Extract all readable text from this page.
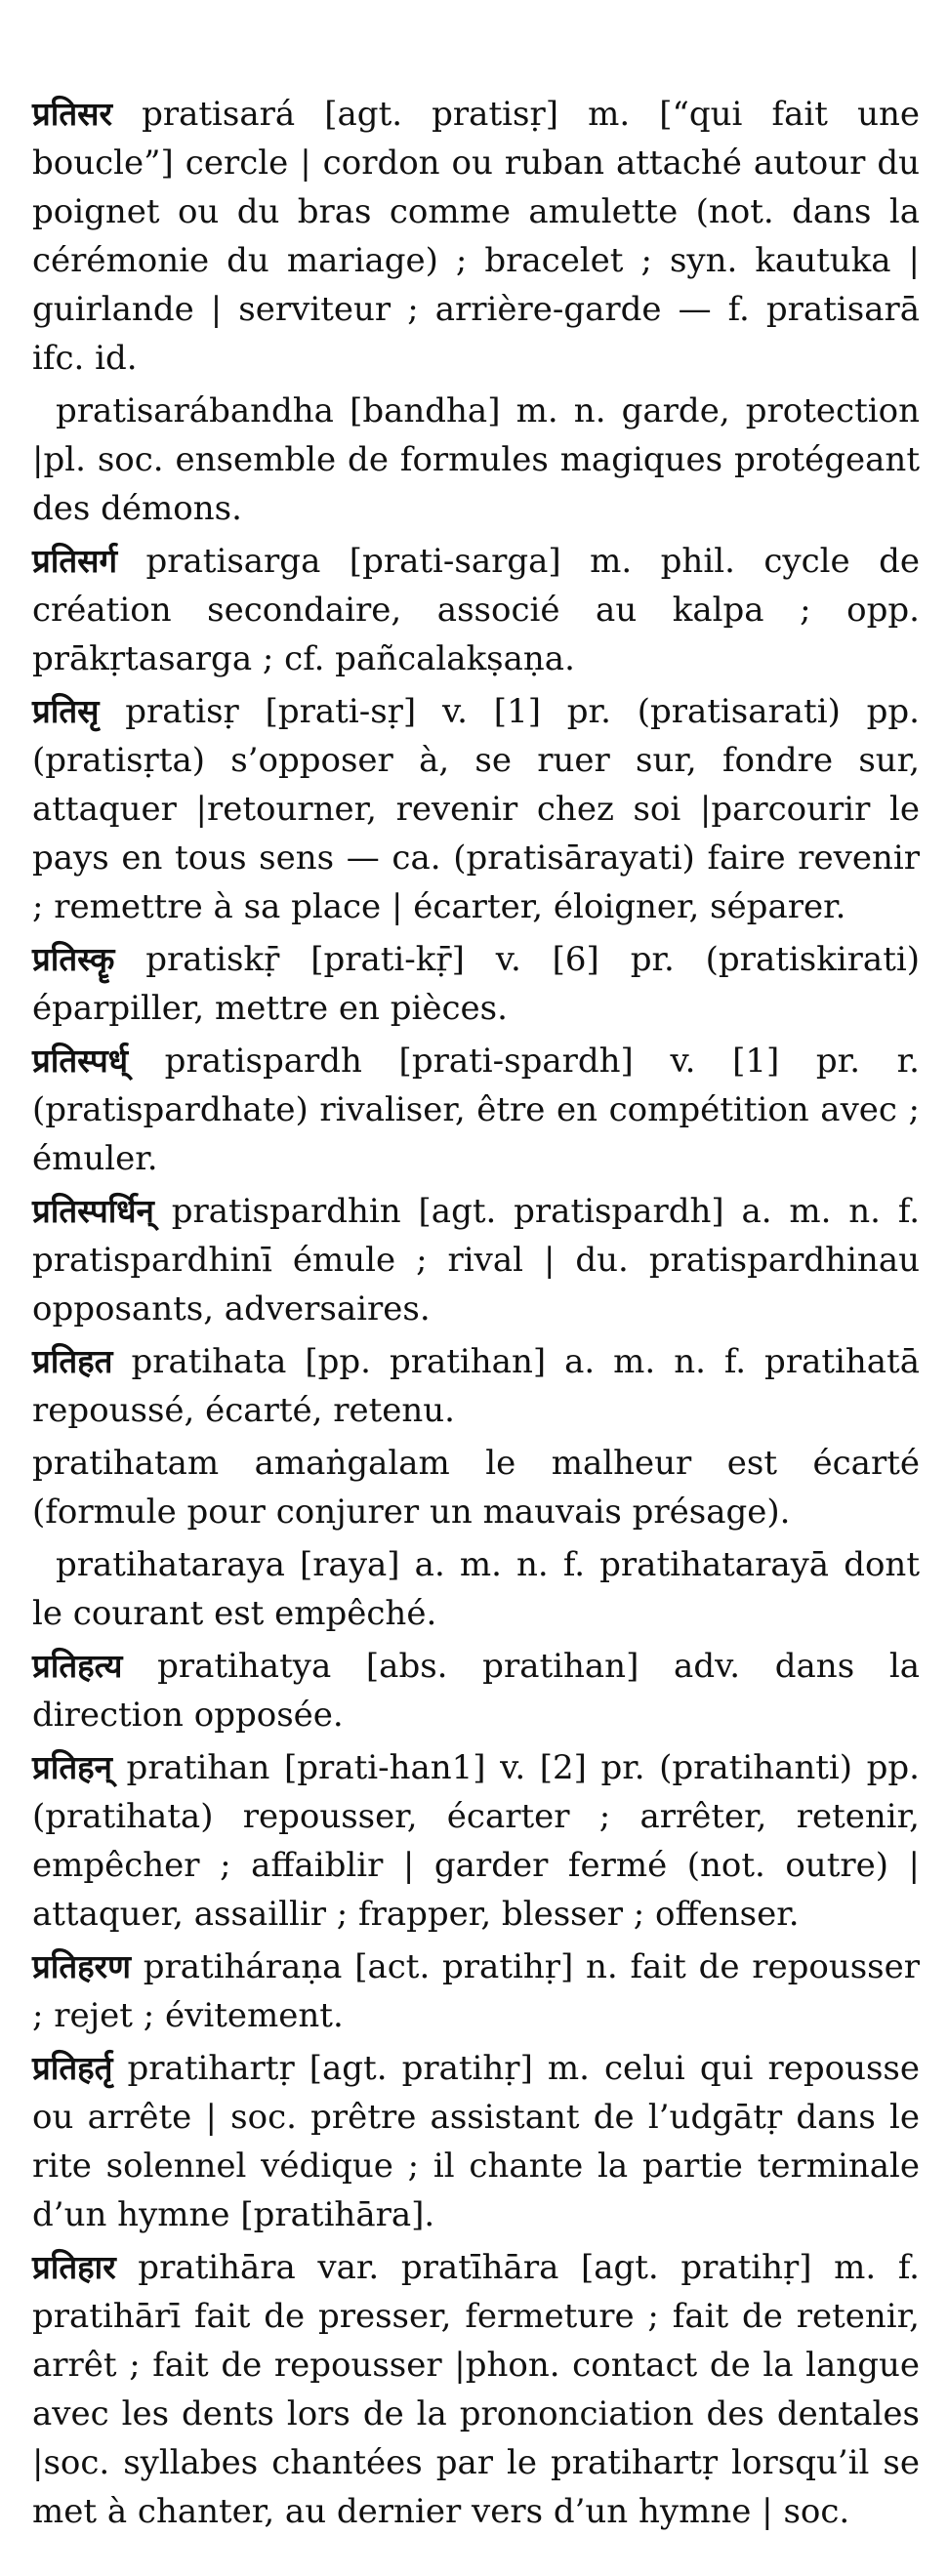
प्रतिसर pratisará [agt. pratisṛ] m. [“qui fait une boucle”] cercle | cordon ou ruban attaché autour du poignet ou du bras comme amulette (not. dans la cérémonie du mariage) ; bracelet ; syn. kautuka | guirlande | serviteur ; arrière-garde — f. pratisarā ifc. id.

pratisarábandha [bandha] m. n. garde, protection |pl. soc. ensemble de formules magiques protégeant des démons.

प्रतिसर्ग pratisarga [prati-sarga] m. phil. cycle de création secondaire, associé au kalpa ; opp. prākṛtasarga ; cf. pañcalakṣaṇa.

प्रतिसृ pratisṛ [prati-sṛ] v. [1] pr. (pratisarati) pp. (pratisṛta) s’opposer à, se ruer sur, fondre sur, attaquer |retourner, revenir chez soi |parcourir le pays en tous sens — ca. (pratisārayati) faire revenir ; remettre à sa place | écarter, éloigner, séparer.

प्रतिस्कॄ pratiskṝ [prati-kṝ] v. [6] pr. (pratiskirati) éparpiller, mettre en pièces.

प्रतिस्पर्ध् pratispardh [prati-spardh] v. [1] pr. r. (pratispardhate) rivaliser, être en compétition avec ; émuler.

प्रतिस्पर्धिन् pratispardhin [agt. pratispardh] a. m. n. f. pratispardhinī émule ; rival | du. pratispardhinau opposants, adversaires.

प्रतिहत pratihata [pp. pratihan] a. m. n. f. pratihatā repoussé, écarté, retenu.

pratihatam amaṅgalam le malheur est écarté (formule pour conjurer un mauvais présage).

pratihataraya [raya] a. m. n. f. pratihatarayā dont le courant est empêché.

प्रतिहत्य pratihatya [abs. pratihan] adv. dans la direction opposée.

प्रतिहन् pratihan [prati-han1] v. [2] pr. (pratihanti) pp. (pratihata) repousser, écarter ; arrêter, retenir, empêcher ; affaiblir | garder fermé (not. outre) | attaquer, assaillir ; frapper, blesser ; offenser.

प्रतिहरण pratiháraṇa [act. pratihṛ] n. fait de repousser ; rejet ; évitement.

प्रतिहर्तृ pratihartṛ [agt. pratihṛ] m. celui qui repousse ou arrête | soc. prêtre assistant de l’udgātṛ dans le rite solennel védique ; il chante la partie terminale d’un hymne [pratihāra].

प्रतिहार pratihāra var. pratīhāra [agt. pratihṛ] m. f. pratihārī fait de presser, fermeture ; fait de retenir, arrêt ; fait de repousser |phon. contact de la langue avec les dents lors de la prononciation des dentales |soc. syllabes chantées par le pratihartṛ lorsqu’il se met à chanter, au dernier vers d’un hymne | soc.
